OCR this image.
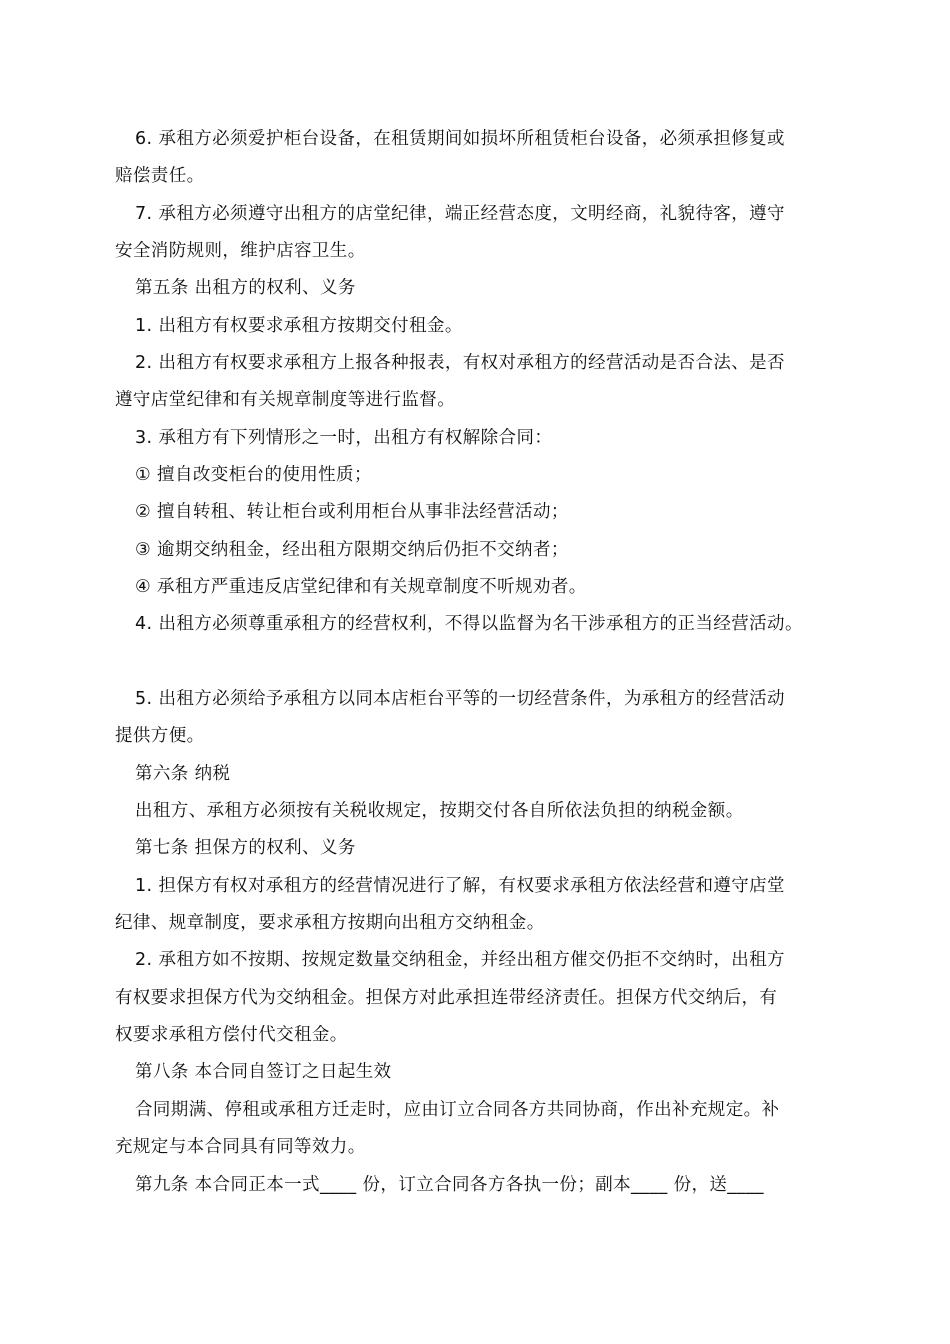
6. 承租方必须爱护柜台设备，在租赁期间如损坏所租赁柜台设备，必须承担修复或
赔偿责任。
7. 承租方必须遵守出租方的店堂纪律，端正经营态度，文明经商，礼貌待客，遵守
安全消防规则，维护店容卫生。
第五条 出租方的权利、义务
1. 出租方有权要求承租方按期交付租金。
2. 出租方有权要求承租方上报各种报表，有权对承租方的经营活动是否合法、是否
遵守店堂纪律和有关规章制度等进行监督。
3. 承租方有下列情形之一时，出租方有权解除合同：
① 擅自改变柜台的使用性质；
② 擅自转租、转让柜台或利用柜台从事非法经营活动；
③ 逾期交纳租金，经出租方限期交纳后仍拒不交纳者；
④ 承租方严重违反店堂纪律和有关规章制度不听规劝者。
4. 出租方必须尊重承租方的经营权利，不得以监督为名干涉承租方的正当经营活动。
5. 出租方必须给予承租方以同本店柜台平等的一切经营条件，为承租方的经营活动
提供方便。
第六条 纳税
出租方、承租方必须按有关税收规定，按期交付各自所依法负担的纳税金额。
第七条 担保方的权利、义务
1. 担保方有权对承租方的经营情况进行了解，有权要求承租方依法经营和遵守店堂
纪律、规章制度，要求承租方按期向出租方交纳租金。
2. 承租方如不按期、按规定数量交纳租金，并经出租方催交仍拒不交纳时，出租方
有权要求担保方代为交纳租金。担保方对此承担连带经济责任。担保方代交纳后，有
权要求承租方偿付代交租金。
第八条 本合同自签订之日起生效
合同期满、停租或承租方迁走时，应由订立合同各方共同协商，作出补充规定。补
充规定与本合同具有同等效力。
第九条 本合同正本一式____ 份，订立合同各方各执一份；副本____ 份，送____
